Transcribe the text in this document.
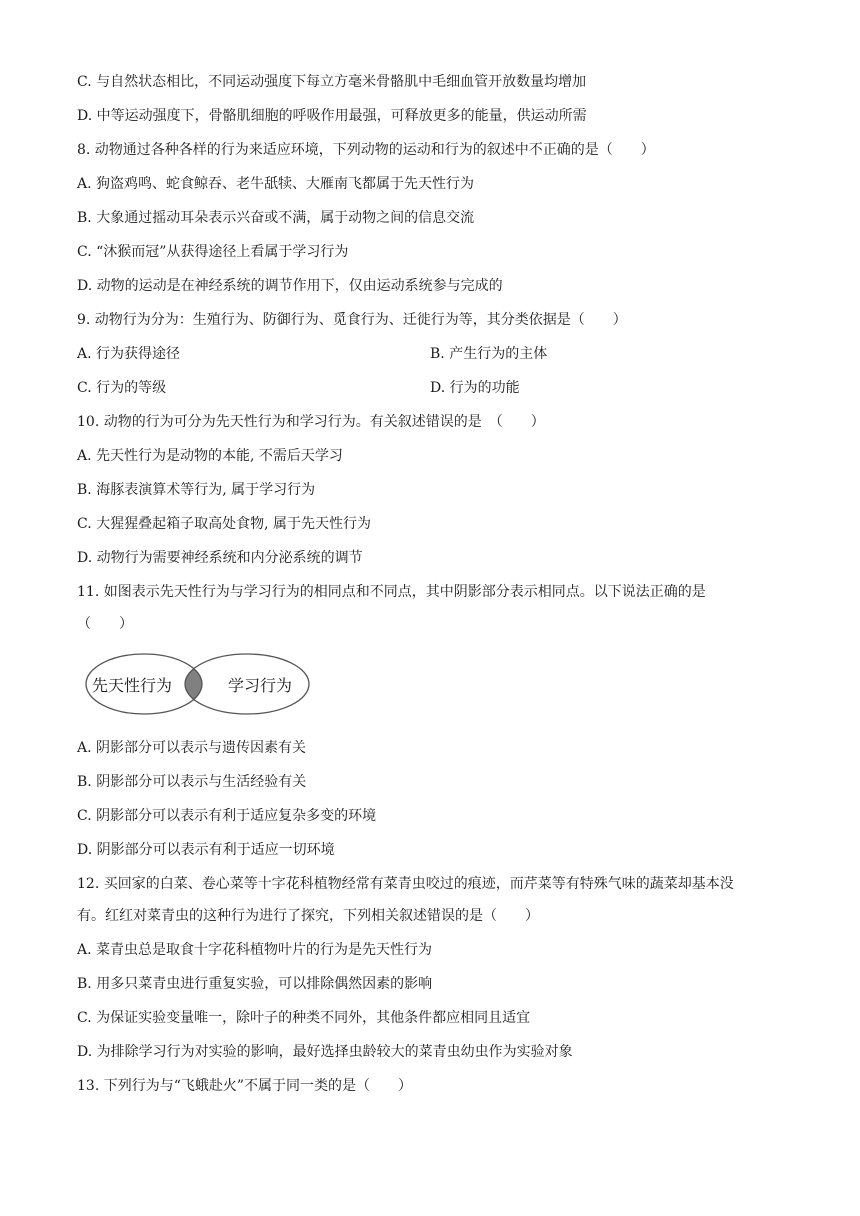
C. 与自然状态相比，不同运动强度下每立方毫米骨骼肌中毛细血管开放数量均增加
D. 中等运动强度下，骨骼肌细胞的呼吸作用最强，可释放更多的能量，供运动所需
8. 动物通过各种各样的行为来适应环境，下列动物的运动和行为的叙述中不正确的是（　　）
A. 狗盗鸡鸣、蛇食鲸吞、老牛舐犊、大雁南飞都属于先天性行为
B. 大象通过摇动耳朵表示兴奋或不满，属于动物之间的信息交流
C. “沐猴而冠”从获得途径上看属于学习行为
D. 动物的运动是在神经系统的调节作用下，仅由运动系统参与完成的
9. 动物行为分为：生殖行为、防御行为、觅食行为、迁徙行为等，其分类依据是（　　）
A. 行为获得途径	B. 产生行为的主体
C. 行为的等级	D. 行为的功能
10. 动物的行为可分为先天性行为和学习行为。有关叙述错误的是　（　　）
A. 先天性行为是动物的本能, 不需后天学习
B. 海豚表演算术等行为, 属于学习行为
C. 大猩猩叠起箱子取高处食物, 属于先天性行为
D. 动物行为需要神经系统和内分泌系统的调节
11. 如图表示先天性行为与学习行为的相同点和不同点，其中阴影部分表示相同点。以下说法正确的是
（　　）
先天性行为	学习行为
A. 阴影部分可以表示与遗传因素有关
B. 阴影部分可以表示与生活经验有关
C. 阴影部分可以表示有利于适应复杂多变的环境
D. 阴影部分可以表示有利于适应一切环境
12. 买回家的白菜、卷心菜等十字花科植物经常有菜青虫咬过的痕迹，而芹菜等有特殊气味的蔬菜却基本没
有。红红对菜青虫的这种行为进行了探究，下列相关叙述错误的是（　　）
A. 菜青虫总是取食十字花科植物叶片的行为是先天性行为
B. 用多只菜青虫进行重复实验，可以排除偶然因素的影响
C. 为保证实验变量唯一，除叶子的种类不同外，其他条件都应相同且适宜
D. 为排除学习行为对实验的影响，最好选择虫龄较大的菜青虫幼虫作为实验对象
13. 下列行为与“飞蛾赴火”不属于同一类的是（　　）
